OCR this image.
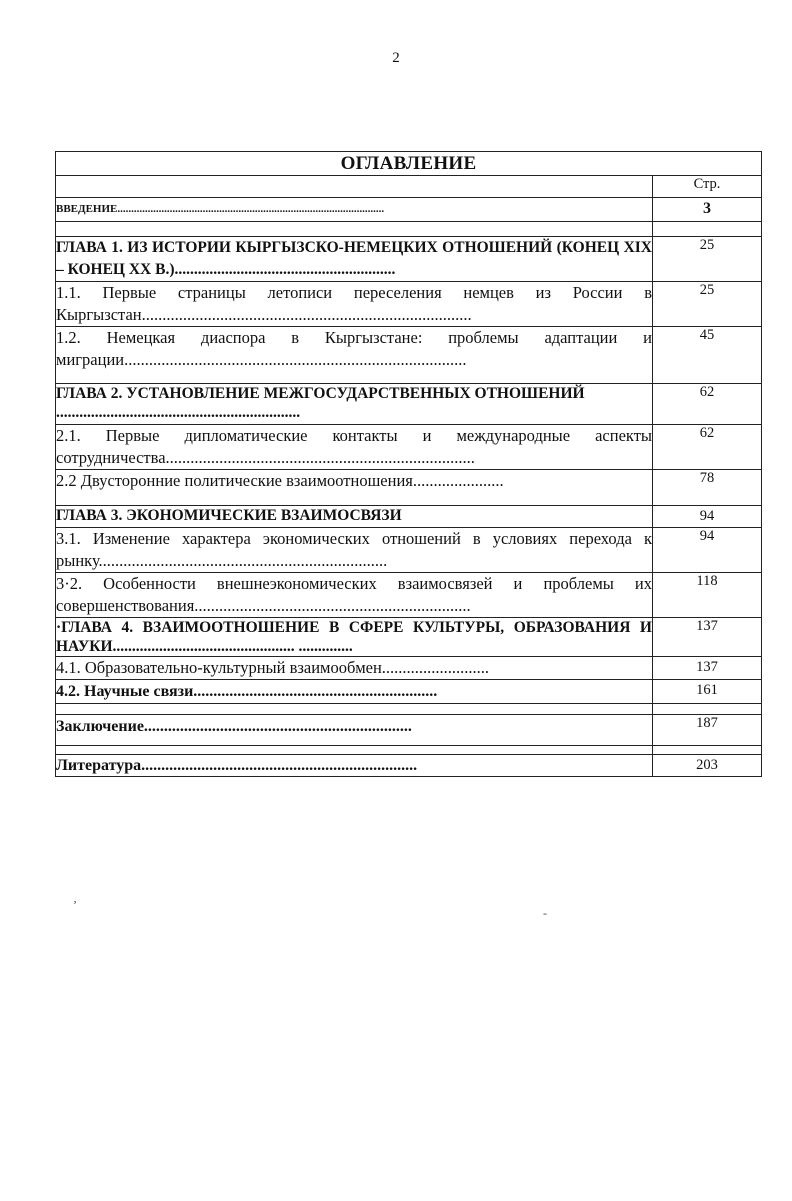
2
ОГЛАВЛЕНИЕ	
	Стр.
ВВЕДЕНИЕ.................................................................................................	3

ГЛАВА 1. ИЗ ИСТОРИИ КЫРГЫЗСКО-НЕМЕЦКИХ ОТНОШЕНИЙ (КОНЕЦ XIX – КОНЕЦ XX В.).........................................................	25
1.1. Первые страницы летописи переселения немцев из России в Кыргызстан................................................................................	25
1.2. Немецкая диаспора в Кыргызстане: проблемы адаптации и миграции...................................................................................	45
ГЛАВА 2. УСТАНОВЛЕНИЕ МЕЖГОСУДАРСТВЕННЫХ ОТНОШЕНИЙ ...............................................................	62
2.1. Первые дипломатические контакты и международные аспекты сотрудничества...........................................................................	62
2.2 Двусторонние политические взаимоотношения......................	78
ГЛАВА 3. ЭКОНОМИЧЕСКИЕ ВЗАИМОСВЯЗИ	94
3.1. Изменение характера экономических отношений в условиях перехода к рынку......................................................................	94
3·2. Особенности внешнеэкономических взаимосвязей и проблемы их совершенствования...................................................................	118
·ГЛАВА 4. ВЗАИМООТНОШЕНИЕ В СФЕРЕ КУЛЬТУРЫ, ОБРАЗОВАНИЯ И НАУКИ............................................... ..............	137
4.1. Образовательно-культурный взаимообмен..........................	137
4.2. Научные связи.............................................................	161

Заключение...................................................................	187

Литература.....................................................................	203
ʼ
-
